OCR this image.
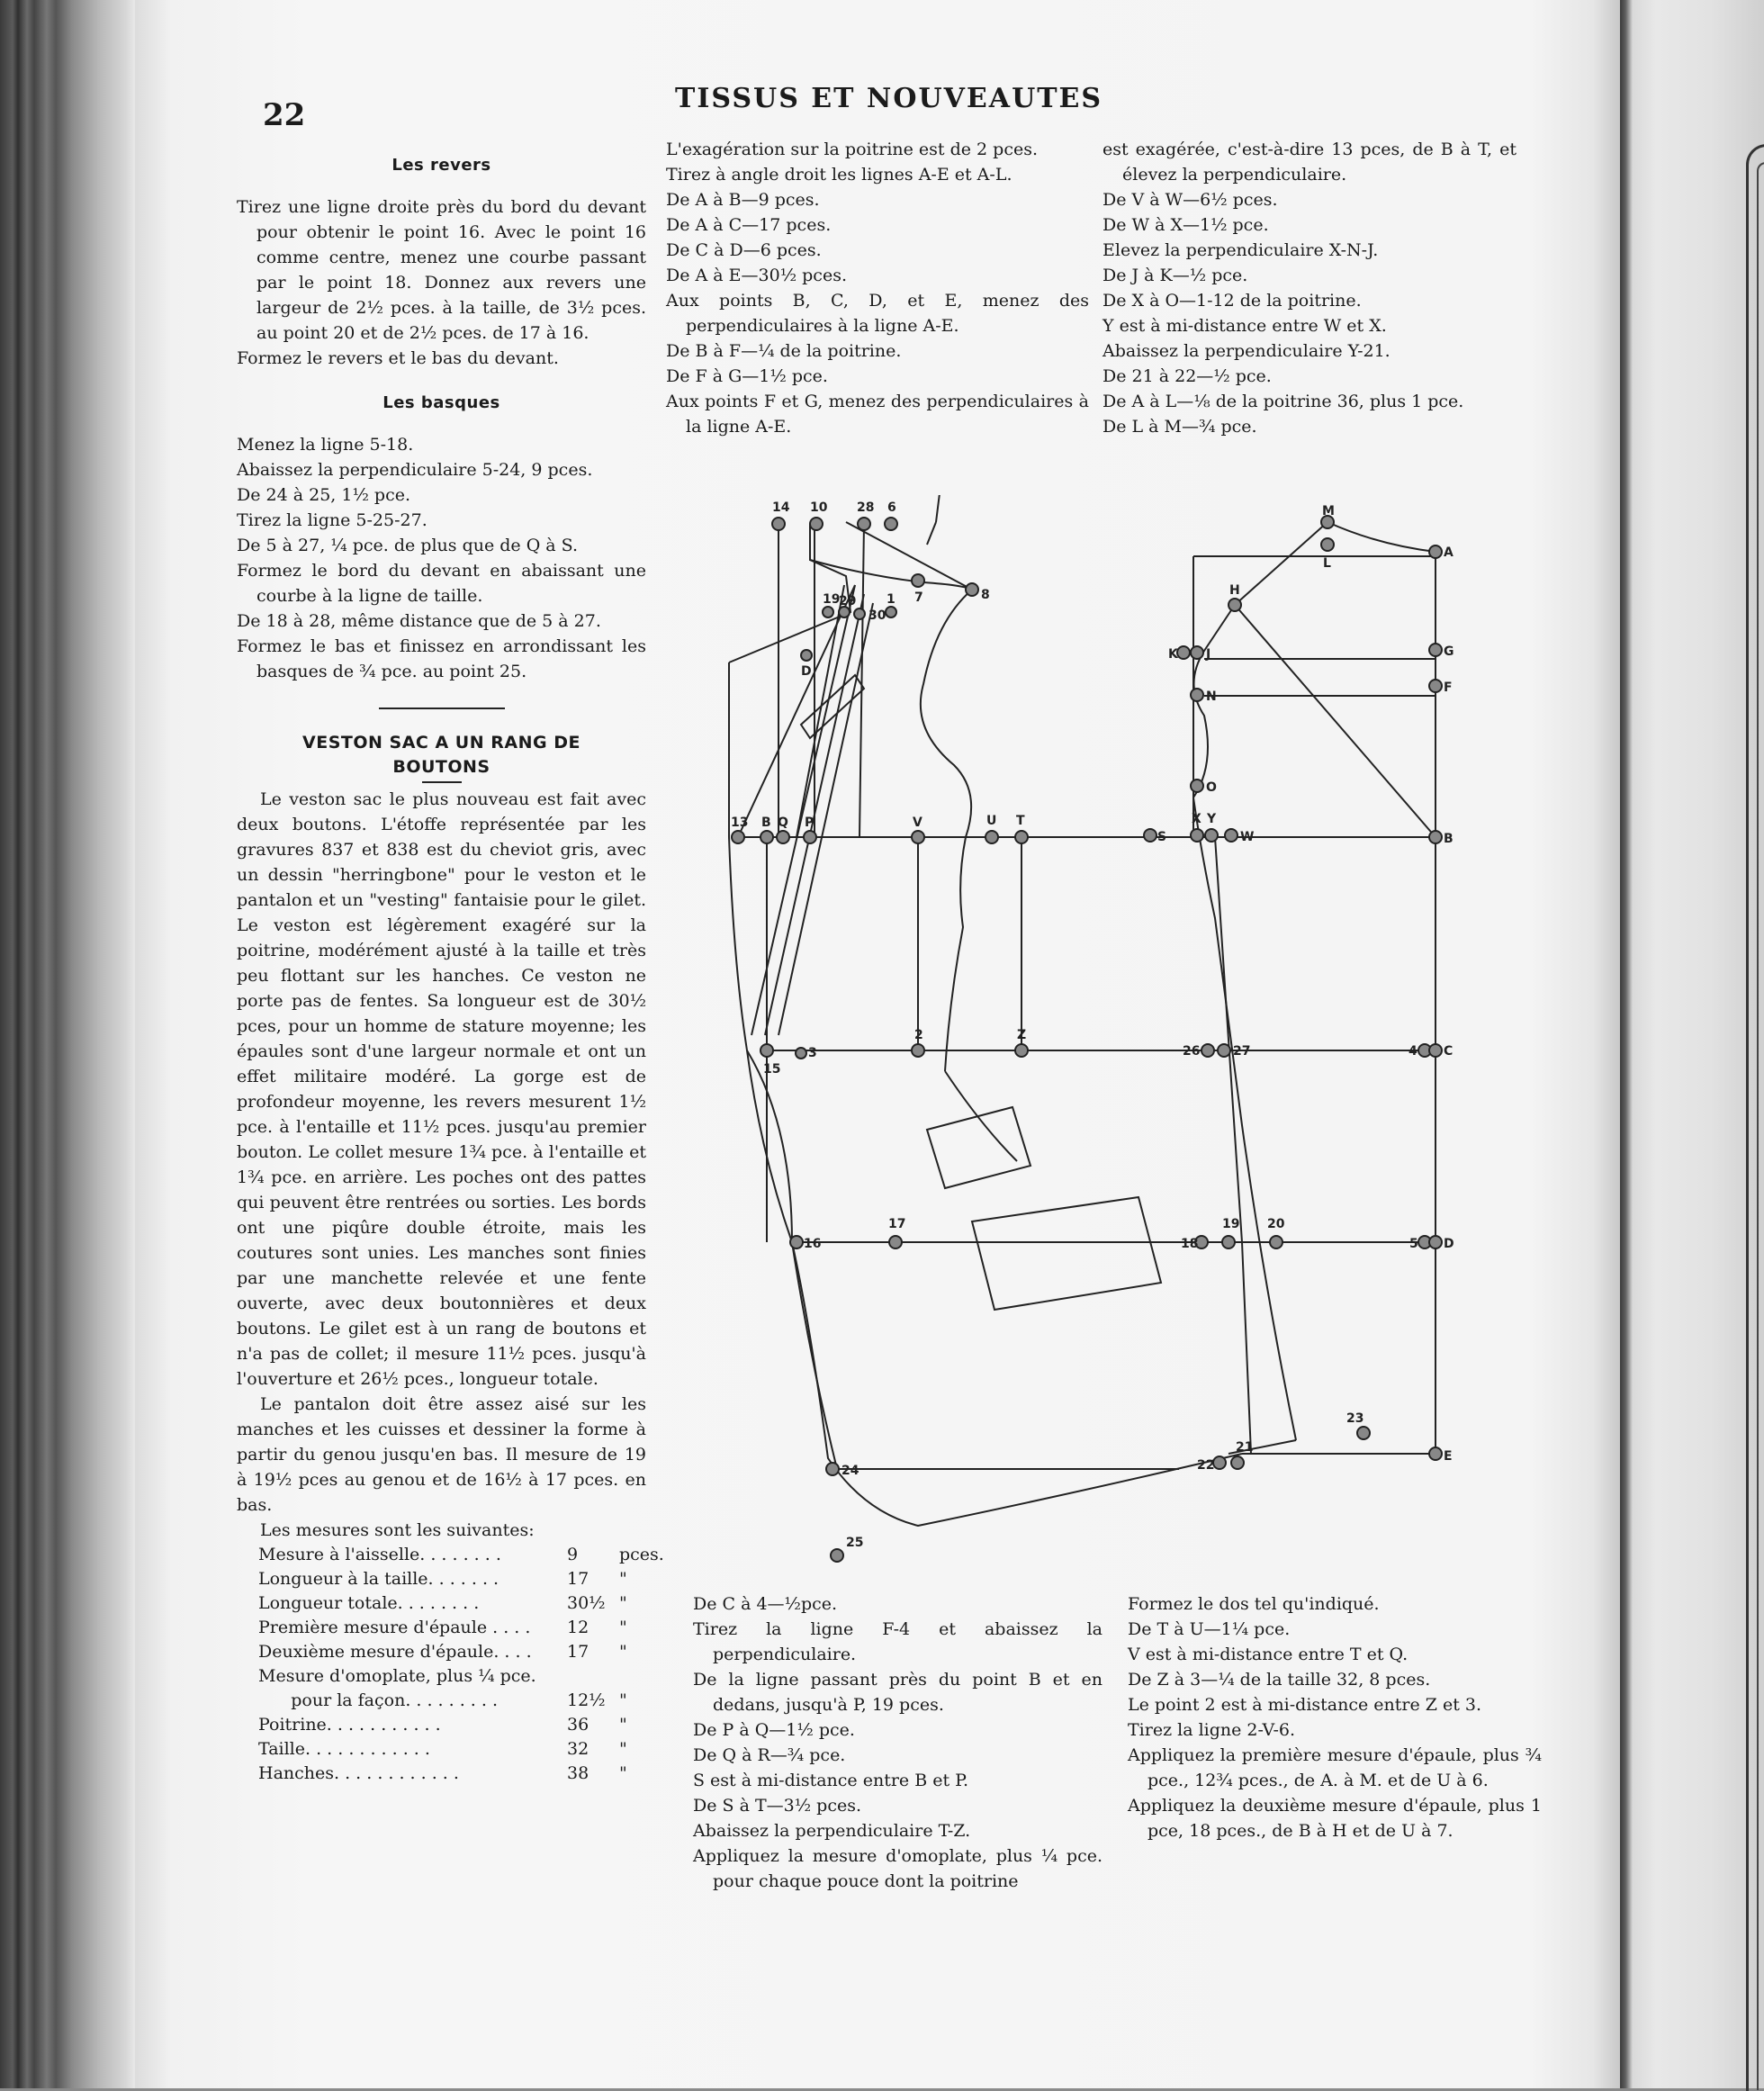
22	TISSUS ET NOUVEAUTES

Les revers

Tirez une ligne droite près du bord du devant pour obtenir le point 16. Avec le point 16 comme centre, menez une courbe passant par le point 18. Donnez aux revers une largeur de 2½ pces. à la taille, de 3½ pces. au point 20 et de 2½ pces. de 17 à 16.

Formez le revers et le bas du devant.

Les basques

Menez la ligne 5-18.

Abaissez la perpendiculaire 5-24, 9 pces.

De 24 à 25, 1½ pce.

Tirez la ligne 5-25-27.

De 5 à 27, ¼ pce. de plus que de Q à S.

Formez le bord du devant en abaissant une courbe à la ligne de taille.

De 18 à 28, même distance que de 5 à 27.

Formez le bas et finissez en arrondissant les basques de ¾ pce. au point 25.

VESTON SAC A UN RANG DE BOUTONS

Le veston sac le plus nouveau est fait avec deux boutons. L'étoffe représentée par les gravures 837 et 838 est du cheviot gris, avec un dessin "herringbone" pour le veston et le pantalon et un "vesting" fantaisie pour le gilet. Le veston est légèrement exagéré sur la poitrine, modérément ajusté à la taille et très peu flottant sur les hanches. Ce veston ne porte pas de fentes. Sa longueur est de 30½ pces, pour un homme de stature moyenne; les épaules sont d'une largeur normale et ont un effet militaire modéré. La gorge est de profondeur moyenne, les revers mesurent 1½ pce. à l'entaille et 11½ pces. jusqu'au premier bouton. Le collet mesure 1¾ pce. à l'entaille et 1¾ pce. en arrière. Les poches ont des pattes qui peuvent être rentrées ou sorties. Les bords ont une piqûre double étroite, mais les coutures sont unies. Les manches sont finies par une manchette relevée et une fente ouverte, avec deux boutonnières et deux boutons. Le gilet est à un rang de boutons et n'a pas de collet; il mesure 11½ pces. jusqu'à l'ouverture et 26½ pces., longueur totale.

Le pantalon doit être assez aisé sur les manches et les cuisses et dessiner la forme à partir du genou jusqu'en bas. Il mesure de 19 à 19½ pces au genou et de 16½ à 17 pces. en bas.

Les mesures sont les suivantes:

Mesure à l'aisselle. . . . . . . .	9	pces.
Longueur à la taille. . . . . . .	17	"
Longueur totale. . . . . . . .	30½ "
Première mesure d'épaule . . . .	12	"
Deuxième mesure d'épaule. . . .	17	"
Mesure d'omoplate, plus ¼ pce.
pour la façon. . . . . . . . .	12½ "
Poitrine. . . . . . . . . . .	36	"
Taille. . . . . . . . . . . .	32	"
Hanches. . . . . . . . . . . .	38	"

L'exagération sur la poitrine est de 2 pces.

Tirez à angle droit les lignes A-E et A-L.

De A à B—9 pces.

De A à C—17 pces.

De C à D—6 pces.

De A à E—30½ pces.

Aux points B, C, D, et E, menez des perpendiculaires à la ligne A-E.

De B à F—¼ de la poitrine.

De F à G—1½ pce.

Aux points F et G, menez des perpendiculaires à la ligne A-E.

est exagérée, c'est-à-dire 13 pces, de B à T, et élevez la perpendiculaire.

De V à W—6½ pces.

De W à X—1½ pce.

Elevez la perpendiculaire X-N-J.

De J à K—½ pce.

De X à O—1-12 de la poitrine.

Y est à mi-distance entre W et X.

Abaissez la perpendiculaire Y-21.

De 21 à 22—½ pce.

De A à L—⅛ de la poitrine 36, plus 1 pce.

De L à M—¾ pce.

De C à 4—½pce.

Tirez la ligne F-4 et abaissez la perpendiculaire.

De la ligne passant près du point B et en dedans, jusqu'à P, 19 pces.

De P à Q—1½ pce.

De Q à R—¾ pce.

S est à mi-distance entre B et P.

De S à T—3½ pces.

Abaissez la perpendiculaire T-Z.

Appliquez la mesure d'omoplate, plus ¼ pce. pour chaque pouce dont la poitrine

Formez le dos tel qu'indiqué.

De T à U—1¼ pce.

V est à mi-distance entre T et Q.

De Z à 3—¼ de la taille 32, 8 pces.

Le point 2 est à mi-distance entre Z et 3.

Tirez la ligne 2-V-6.

Appliquez la première mesure d'épaule, plus ¾ pce., 12¾ pces., de A. à M. et de U à 6.

Appliquez la deuxième mesure d'épaule, plus 1 pce, 18 pces., de B à H et de U à 7.

14 10 28 6
8
7
19
29
30
1
D
13 B Q P	V	U T
S
X Y
W	B
15
3
2	Z
26	27	4 C
16
17
18
19 20
5 D
23
22
21
E
24
25
M
L
A
H
K J	G
N
F
O
